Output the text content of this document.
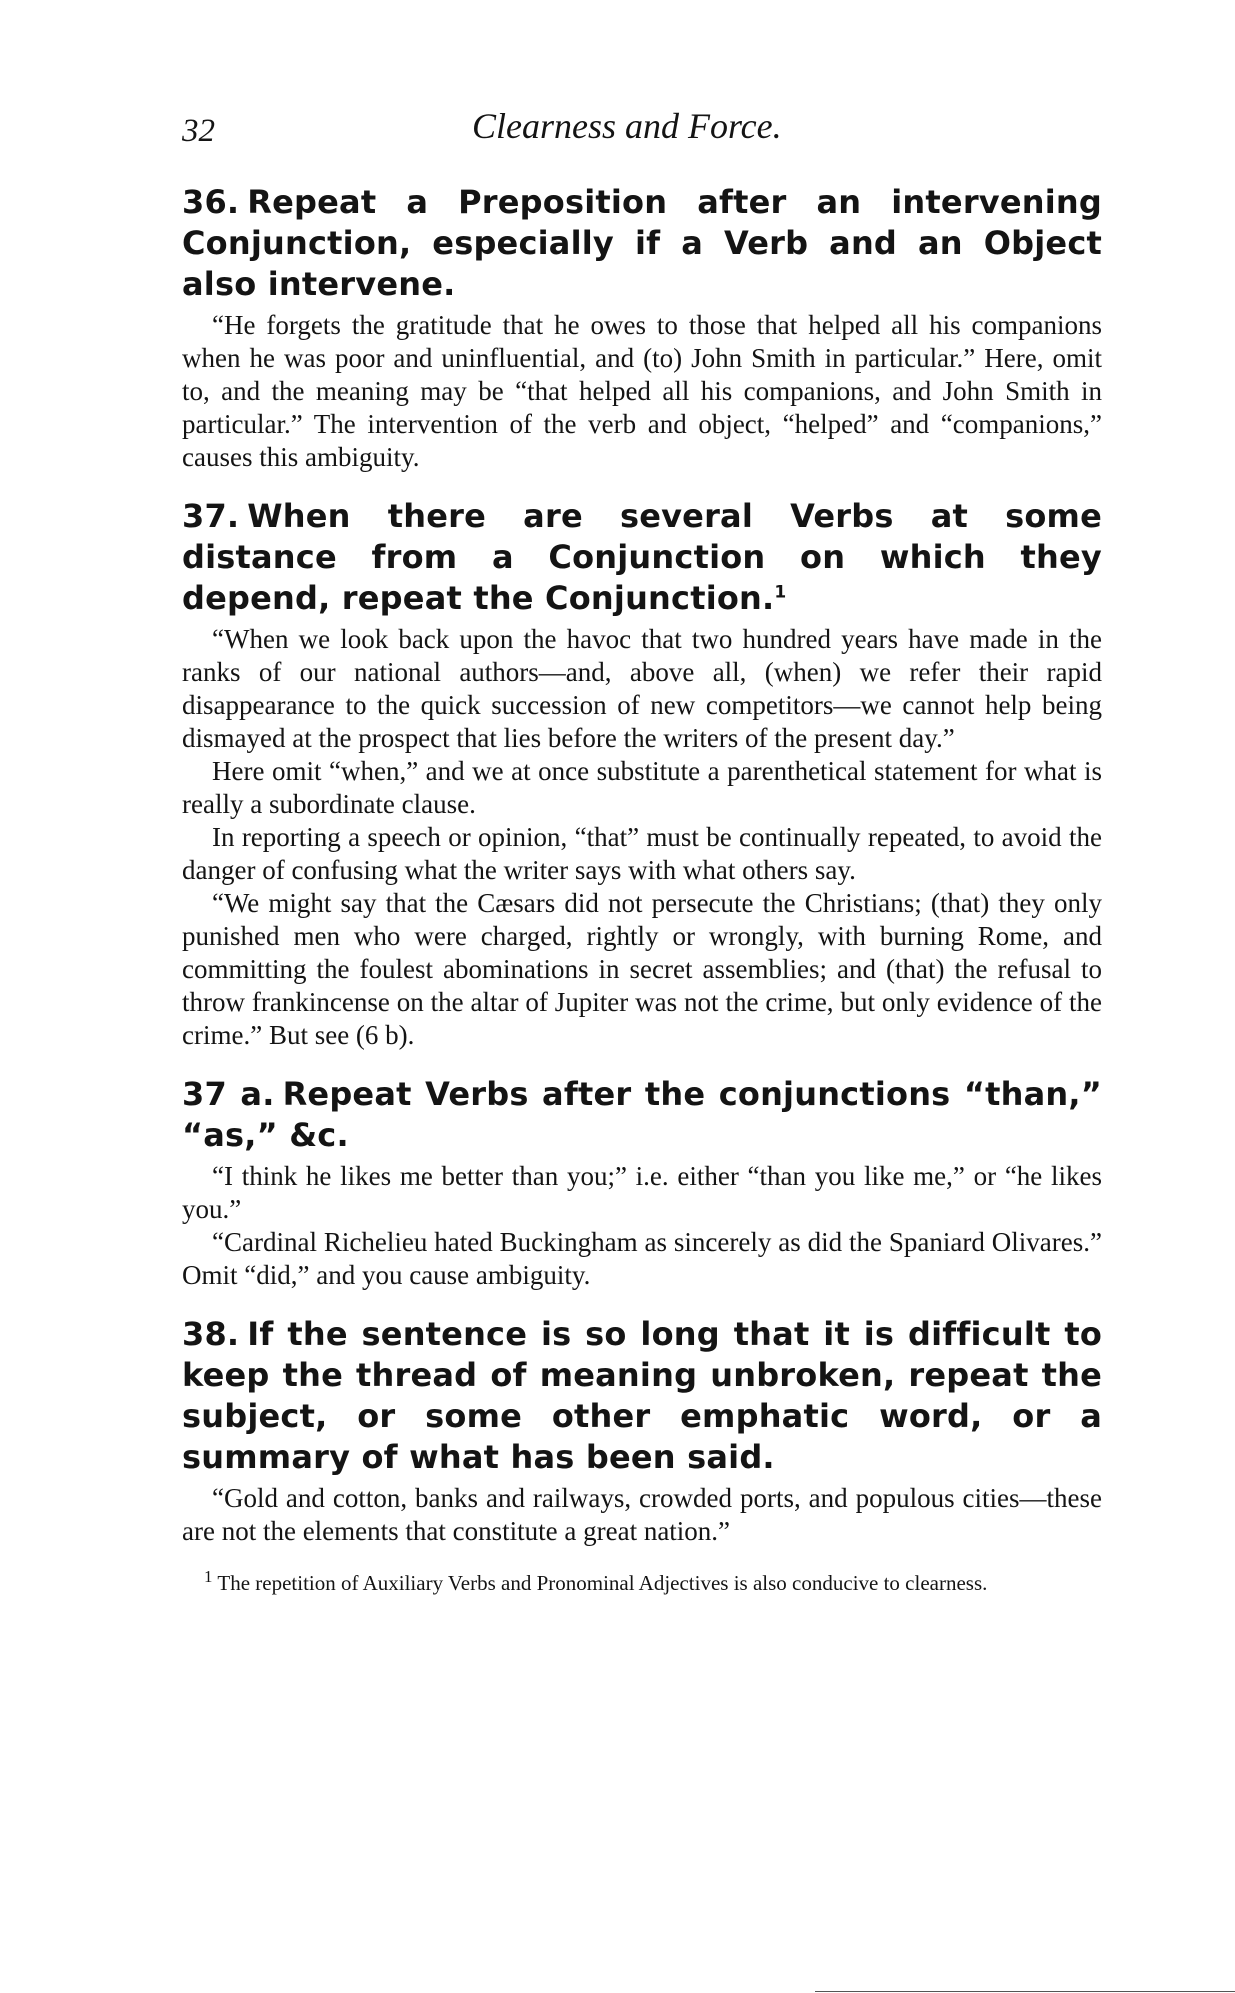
32	Clearness and Force.

36. Repeat a Preposition after an intervening Conjunction, especially if a Verb and an Object also intervene.

“He forgets the gratitude that he owes to those that helped all his companions when he was poor and uninfluential, and (to) John Smith in particular.” Here, omit to, and the meaning may be “that helped all his companions, and John Smith in particular.” The intervention of the verb and object, “helped” and “companions,” causes this ambiguity.

37. When there are several Verbs at some distance from a Conjunction on which they depend, repeat the Conjunction.$^1$

“When we look back upon the havoc that two hundred years have made in the ranks of our national authors—and, above all, (when) we refer their rapid disappearance to the quick succession of new competitors—we cannot help being dismayed at the prospect that lies before the writers of the present day.”

Here omit “when,” and we at once substitute a parenthetical statement for what is really a subordinate clause.

In reporting a speech or opinion, “that” must be continually repeated, to avoid the danger of confusing what the writer says with what others say.

“We might say that the Cæsars did not persecute the Christians; (that) they only punished men who were charged, rightly or wrongly, with burning Rome, and committing the foulest abominations in secret assemblies; and (that) the refusal to throw frankincense on the altar of Jupiter was not the crime, but only evidence of the crime.” But see (6 b).

37 a. Repeat Verbs after the conjunctions “than,” “as,” &c.

“I think he likes me better than you;” i.e. either “than you like me,” or “he likes you.”

“Cardinal Richelieu hated Buckingham as sincerely as did the Spaniard Olivares.” Omit “did,” and you cause ambiguity.

38. If the sentence is so long that it is difficult to keep the thread of meaning unbroken, repeat the subject, or some other emphatic word, or a summary of what has been said.

“Gold and cotton, banks and railways, crowded ports, and populous cities—these are not the elements that constitute a great nation.”

$^1$ The repetition of Auxiliary Verbs and Pronominal Adjectives is also conducive to clearness.
